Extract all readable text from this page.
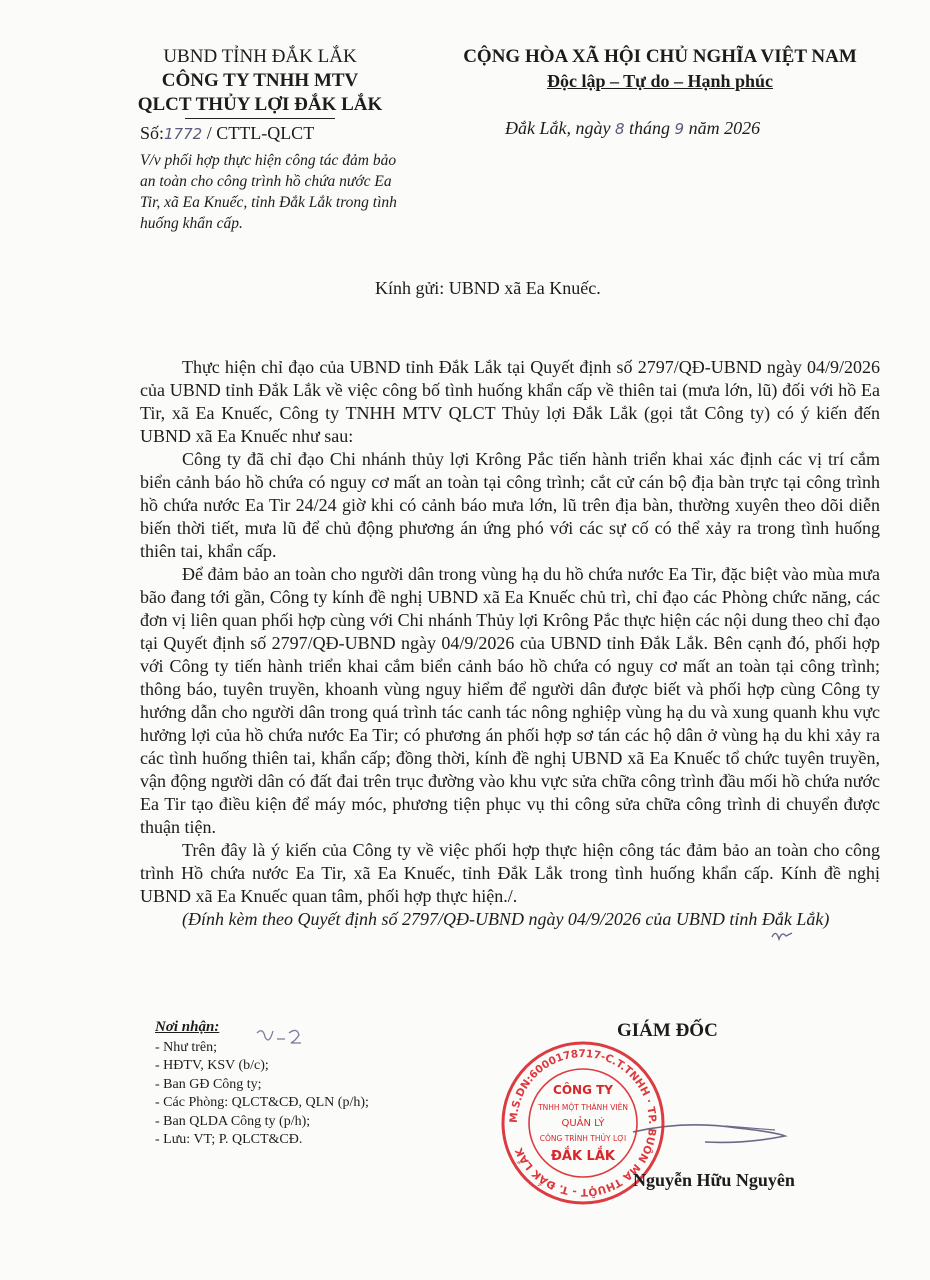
UBND TỈNH ĐẮK LẮK
CÔNG TY TNHH MTV
QLCT THỦY LỢI ĐẮK LẮK
Số:1772 / CTTL-QLCT
V/v phối hợp thực hiện công tác đảm bảo an toàn cho công trình hồ chứa nước Ea Tir, xã Ea Knuếc, tỉnh Đắk Lắk trong tình huống khẩn cấp.
CỘNG HÒA XÃ HỘI CHỦ NGHĨA VIỆT NAM
Độc lập – Tự do – Hạnh phúc
Đắk Lắk, ngày 8 tháng 9 năm 2026
Kính gửi: UBND xã Ea Knuếc.

Thực hiện chỉ đạo của UBND tỉnh Đắk Lắk tại Quyết định số 2797/QĐ-UBND ngày 04/9/2026 của UBND tỉnh Đắk Lắk về việc công bố tình huống khẩn cấp về thiên tai (mưa lớn, lũ) đối với hồ Ea Tir, xã Ea Knuếc, Công ty TNHH MTV QLCT Thủy lợi Đắk Lắk (gọi tắt Công ty) có ý kiến đến UBND xã Ea Knuếc như sau:

Công ty đã chỉ đạo Chi nhánh thủy lợi Krông Pắc tiến hành triển khai xác định các vị trí cắm biển cảnh báo hồ chứa có nguy cơ mất an toàn tại công trình; cắt cử cán bộ địa bàn trực tại công trình hồ chứa nước Ea Tir 24/24 giờ khi có cảnh báo mưa lớn, lũ trên địa bàn, thường xuyên theo dõi diễn biến thời tiết, mưa lũ để chủ động phương án ứng phó với các sự cố có thể xảy ra trong tình huống thiên tai, khẩn cấp.

Để đảm bảo an toàn cho người dân trong vùng hạ du hồ chứa nước Ea Tir, đặc biệt vào mùa mưa bão đang tới gần, Công ty kính đề nghị UBND xã Ea Knuếc chủ trì, chỉ đạo các Phòng chức năng, các đơn vị liên quan phối hợp cùng với Chi nhánh Thủy lợi Krông Pắc thực hiện các nội dung theo chỉ đạo tại Quyết định số 2797/QĐ-UBND ngày 04/9/2026 của UBND tỉnh Đắk Lắk. Bên cạnh đó, phối hợp với Công ty tiến hành triển khai cắm biển cảnh báo hồ chứa có nguy cơ mất an toàn tại công trình; thông báo, tuyên truyền, khoanh vùng nguy hiểm để người dân được biết và phối hợp cùng Công ty hướng dẫn cho người dân trong quá trình tác canh tác nông nghiệp vùng hạ du và xung quanh khu vực hưởng lợi của hồ chứa nước Ea Tir; có phương án phối hợp sơ tán các hộ dân ở vùng hạ du khi xảy ra các tình huống thiên tai, khẩn cấp; đồng thời, kính đề nghị UBND xã Ea Knuếc tổ chức tuyên truyền, vận động người dân có đất đai trên trục đường vào khu vực sửa chữa công trình đầu mối hồ chứa nước Ea Tir tạo điều kiện để máy móc, phương tiện phục vụ thi công sửa chữa công trình di chuyển được thuận tiện.

Trên đây là ý kiến của Công ty về việc phối hợp thực hiện công tác đảm bảo an toàn cho công trình Hồ chứa nước Ea Tir, xã Ea Knuếc, tỉnh Đắk Lắk trong tình huống khẩn cấp. Kính đề nghị UBND xã Ea Knuếc quan tâm, phối hợp thực hiện./.

(Đính kèm theo Quyết định số 2797/QĐ-UBND ngày 04/9/2026 của UBND tỉnh Đắk Lắk)

Nơi nhận:
- Như trên;
- HĐTV, KSV (b/c);
- Ban GĐ Công ty;
- Các Phòng: QLCT&CĐ, QLN (p/h);
- Ban QLDA Công ty (p/h);
- Lưu: VT; P. QLCT&CĐ.
GIÁM ĐỐC
M.S.DN:6000178717-C.T.TNHH · TP. BUÔN MA THUỘT - T. ĐẮK LẮK
CÔNG TY
TNHH MỘT THÀNH VIÊN
QUẢN LÝ
CÔNG TRÌNH THỦY LỢI
ĐẮK LẮK
Nguyễn Hữu Nguyên
